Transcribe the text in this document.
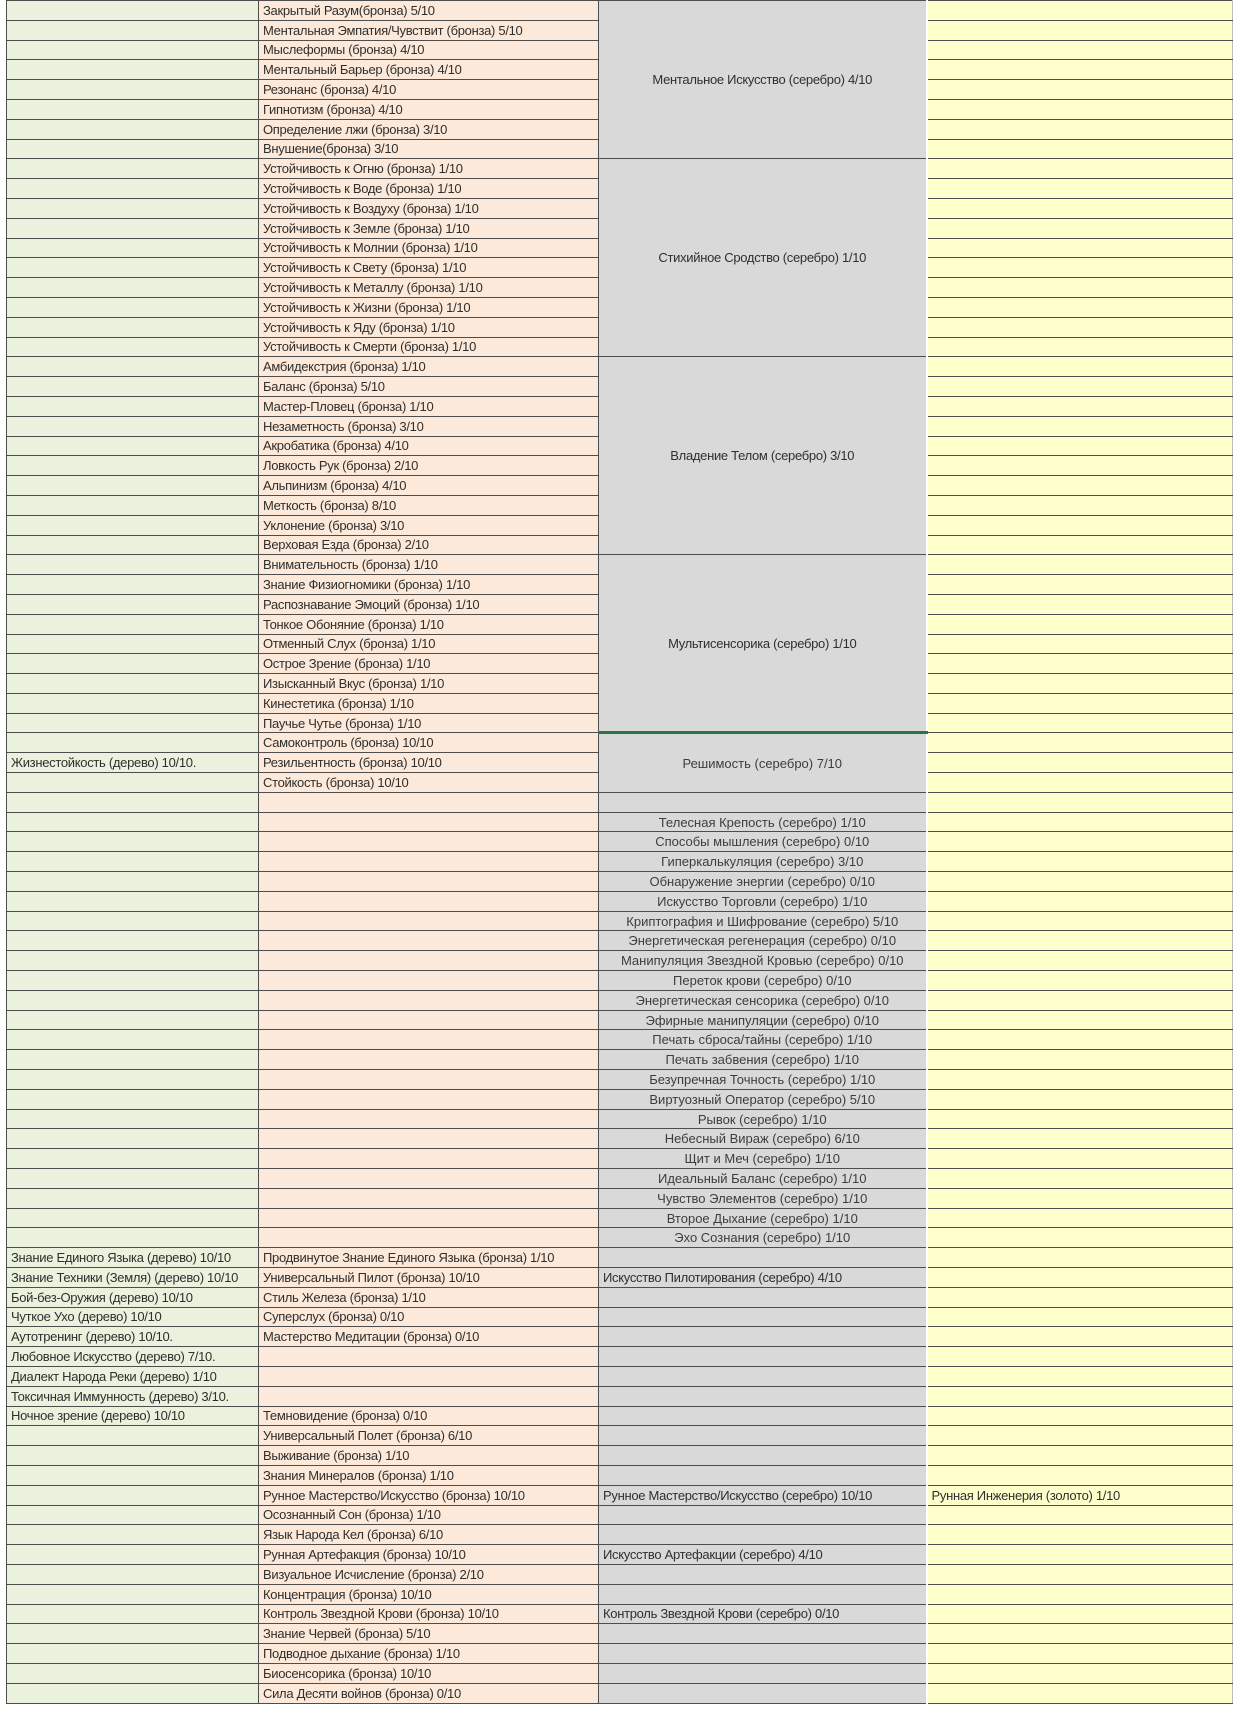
	Закрытый Разум(бронза) 5/10	Ментальное Искусство (серебро) 4/10	
	Ментальная Эмпатия/Чувствит (бронза) 5/10		
	Мыслеформы (бронза) 4/10		
	Ментальный Барьер (бронза) 4/10		
	Резонанс (бронза) 4/10		
	Гипнотизм (бронза) 4/10		
	Определение лжи (бронза) 3/10		
	Внушение(бронза) 3/10		
	Устойчивость к Огню (бронза) 1/10	Стихийное Сродство (серебро) 1/10	
	Устойчивость к Воде (бронза) 1/10		
	Устойчивость к Воздуху (бронза) 1/10		
	Устойчивость к Земле (бронза) 1/10		
	Устойчивость к Молнии (бронза) 1/10		
	Устойчивость к Свету (бронза) 1/10		
	Устойчивость к Металлу (бронза) 1/10		
	Устойчивость к Жизни (бронза) 1/10		
	Устойчивость к Яду (бронза) 1/10		
	Устойчивость к Смерти (бронза) 1/10		
	Амбидекстрия (бронза) 1/10	Владение Телом (серебро) 3/10	
	Баланс (бронза) 5/10		
	Мастер-Пловец (бронза) 1/10		
	Незаметность (бронза) 3/10		
	Акробатика (бронза) 4/10		
	Ловкость Рук (бронза) 2/10		
	Альпинизм (бронза) 4/10		
	Меткость (бронза) 8/10		
	Уклонение (бронза) 3/10		
	Верховая Езда (бронза) 2/10		
	Внимательность (бронза) 1/10	Мультисенсорика (серебро) 1/10	
	Знание Физиогномики (бронза) 1/10		
	Распознавание Эмоций (бронза) 1/10		
	Тонкое Обоняние (бронза) 1/10		
	Отменный Слух (бронза) 1/10		
	Острое Зрение (бронза) 1/10		
	Изысканный Вкус (бронза) 1/10		
	Кинестетика (бронза) 1/10		
	Паучье Чутье (бронза) 1/10		
	Самоконтроль (бронза) 10/10	Решимость (серебро) 7/10	
Жизнестойкость (дерево) 10/10.	Резильентность (бронза) 10/10		
	Стойкость (бронза) 10/10		

		Телесная Крепость (серебро) 1/10	
		Способы мышления (серебро) 0/10	
		Гиперкалькуляция (серебро) 3/10	
		Обнаружение энергии (серебро) 0/10	
		Искусство Торговли (серебро) 1/10	
		Криптография и Шифрование (серебро) 5/10	
		Энергетическая регенерация (серебро) 0/10	
		Манипуляция Звездной Кровью (серебро) 0/10	
		Переток крови (серебро) 0/10	
		Энергетическая сенсорика (серебро) 0/10	
		Эфирные манипуляции (серебро) 0/10	
		Печать сброса/тайны (серебро) 1/10	
		Печать забвения (серебро) 1/10	
		Безупречная Точность (серебро) 1/10	
		Виртуозный Оператор (серебро) 5/10	
		Рывок (серебро) 1/10	
		Небесный Вираж (серебро) 6/10	
		Щит и Меч (серебро) 1/10	
		Идеальный Баланс (серебро) 1/10	
		Чувство Элементов (серебро) 1/10	
		Второе Дыхание (серебро) 1/10	
		Эхо Сознания (серебро) 1/10	
Знание Единого Языка (дерево) 10/10	Продвинутое Знание Единого Языка (бронза) 1/10		
Знание Техники (Земля) (дерево) 10/10	Универсальный Пилот (бронза) 10/10	Искусство Пилотирования (серебро) 4/10	
Бой-без-Оружия (дерево) 10/10	Стиль Железа (бронза) 1/10		
Чуткое Ухо (дерево) 10/10	Суперслух (бронза) 0/10		
Аутотренинг (дерево) 10/10.	Мастерство Медитации (бронза) 0/10		
Любовное Искусство (дерево) 7/10.			
Диалект Народа Реки (дерево) 1/10			
Токсичная Иммунность (дерево) 3/10.			
Ночное зрение (дерево) 10/10	Темновидение (бронза) 0/10		
	Универсальный Полет (бронза) 6/10		
	Выживание (бронза) 1/10		
	Знания Минералов (бронза) 1/10		
	Рунное Мастерство/Искусство (бронза) 10/10	Рунное Мастерство/Искусство (серебро) 10/10	Рунная Инженерия (золото) 1/10
	Осознанный Сон (бронза) 1/10		
	Язык Народа Кел (бронза) 6/10		
	Рунная Артефакция (бронза) 10/10	Искусство Артефакции (серебро) 4/10	
	Визуальное Исчисление (бронза) 2/10		
	Концентрация (бронза) 10/10		
	Контроль Звездной Крови (бронза) 10/10	Контроль Звездной Крови (серебро) 0/10	
	Знание Червей (бронза) 5/10		
	Подводное дыхание (бронза) 1/10		
	Биосенсорика (бронза) 10/10		
	Сила Десяти войнов (бронза) 0/10		
